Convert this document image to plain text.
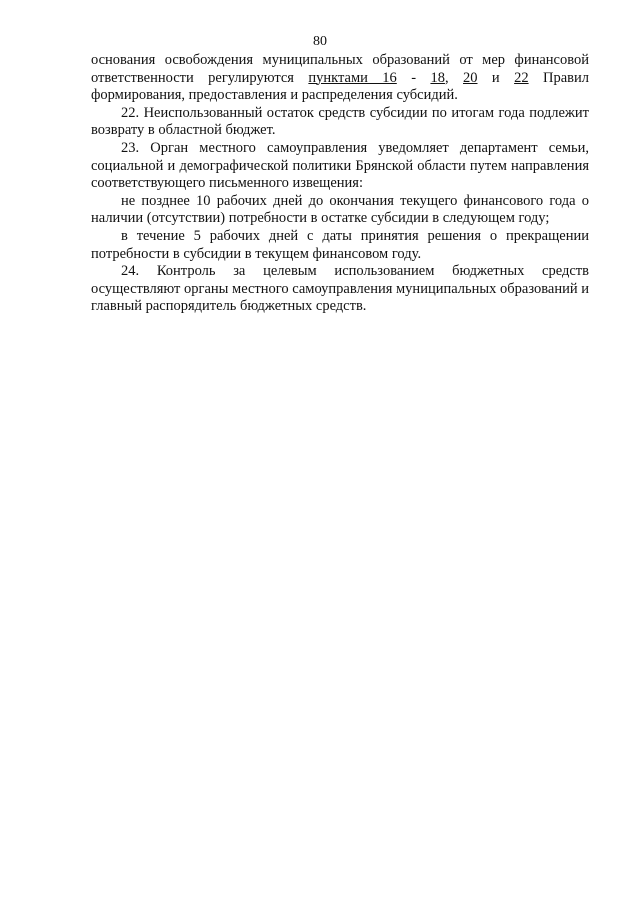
80

основания освобождения муниципальных образований от мер финансовой ответственности регулируются пунктами 16 - 18, 20 и 22 Правил формирования, предоставления и распределения субсидий.

22. Неиспользованный остаток средств субсидии по итогам года подлежит возврату в областной бюджет.

23. Орган местного самоуправления уведомляет департамент семьи, социальной и демографической политики Брянской области путем направления соответствующего письменного извещения:

не позднее 10 рабочих дней до окончания текущего финансового года о наличии (отсутствии) потребности в остатке субсидии в следующем году;

в течение 5 рабочих дней с даты принятия решения о прекращении потребности в субсидии в текущем финансовом году.

24. Контроль за целевым использованием бюджетных средств осуществляют органы местного самоуправления муниципальных образований и главный распорядитель бюджетных средств.
